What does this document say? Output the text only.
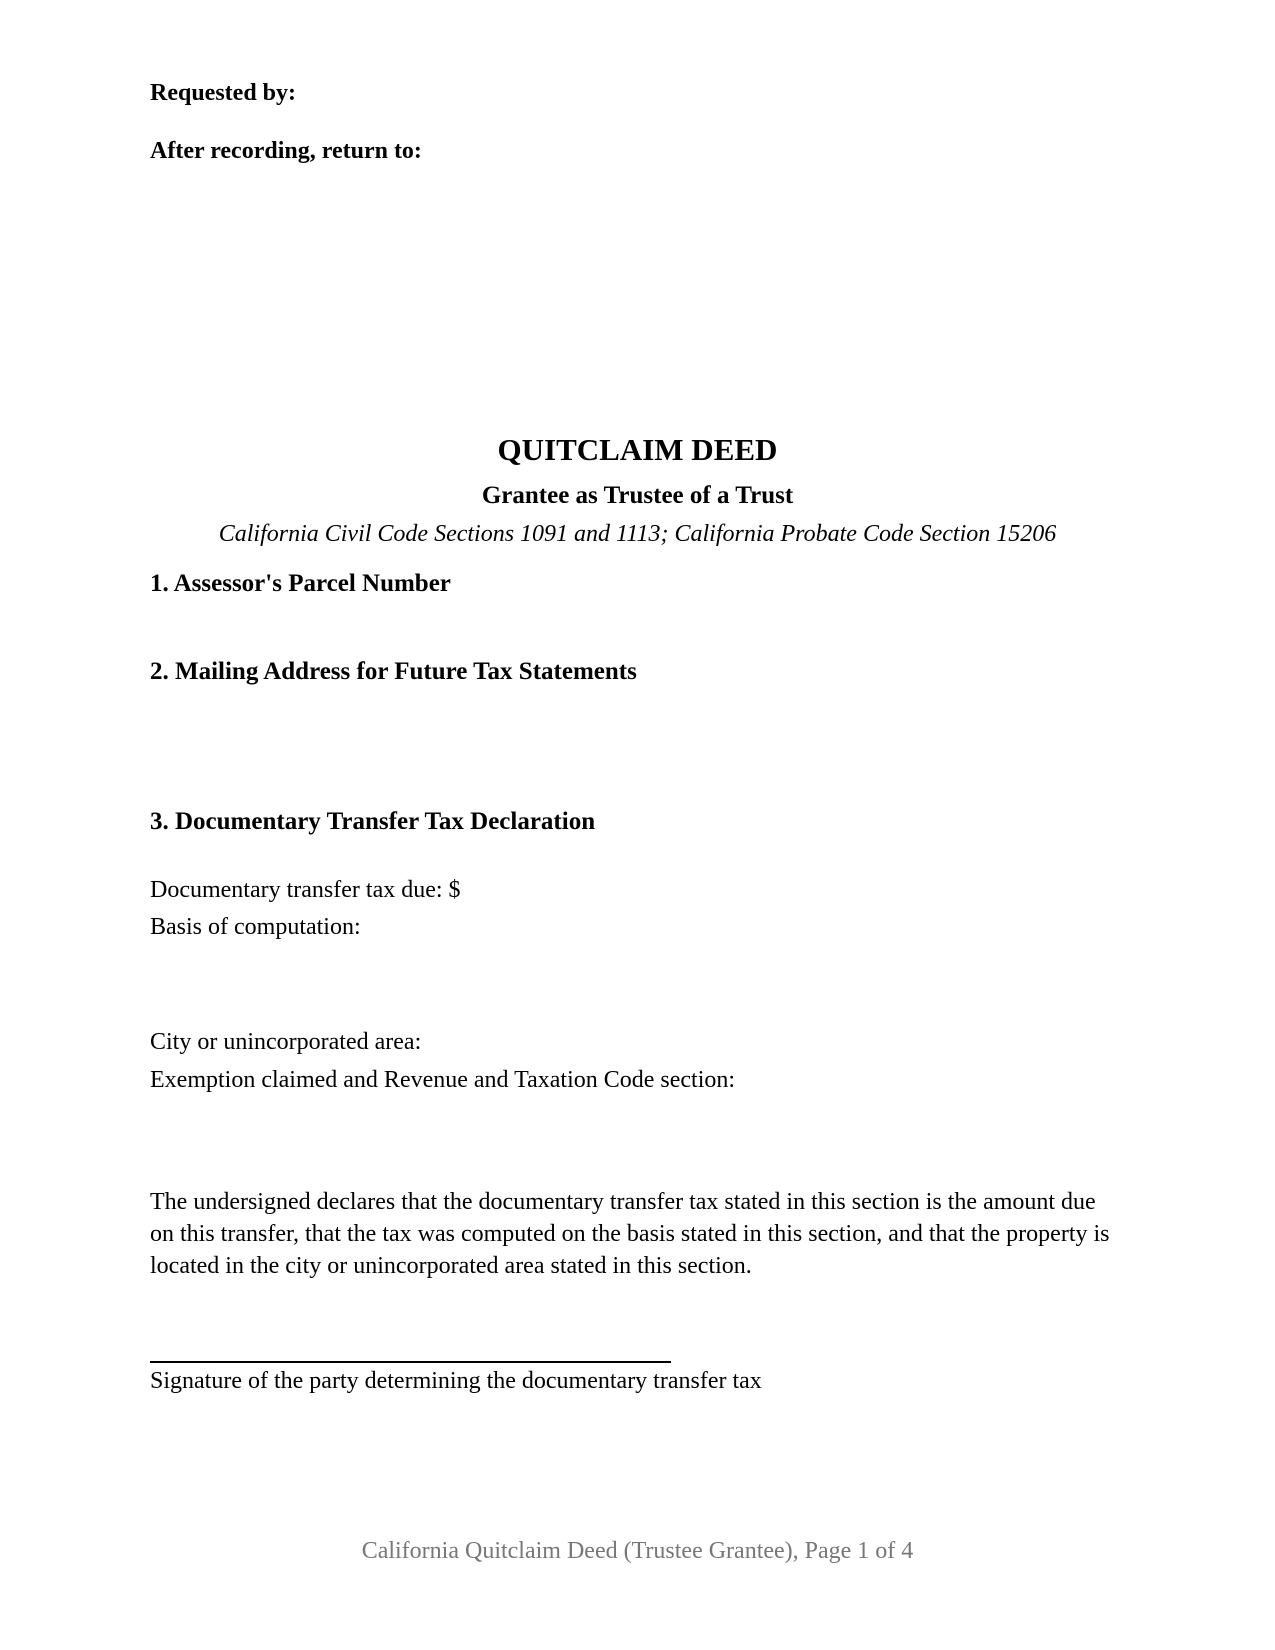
Requested by:

After recording, return to:

QUITCLAIM DEED
Grantee as Trustee of a Trust

California Civil Code Sections 1091 and 1113; California Probate Code Section 15206

1. Assessor's Parcel Number
2. Mailing Address for Future Tax Statements
3. Documentary Transfer Tax Declaration

Documentary transfer tax due: $

Basis of computation:

City or unincorporated area:

Exemption claimed and Revenue and Taxation Code section:

The undersigned declares that the documentary transfer tax stated in this section is the amount due on this transfer, that the tax was computed on the basis stated in this section, and that the property is located in the city or unincorporated area stated in this section.

Signature of the party determining the documentary transfer tax

California Quitclaim Deed (Trustee Grantee), Page 1 of 4
